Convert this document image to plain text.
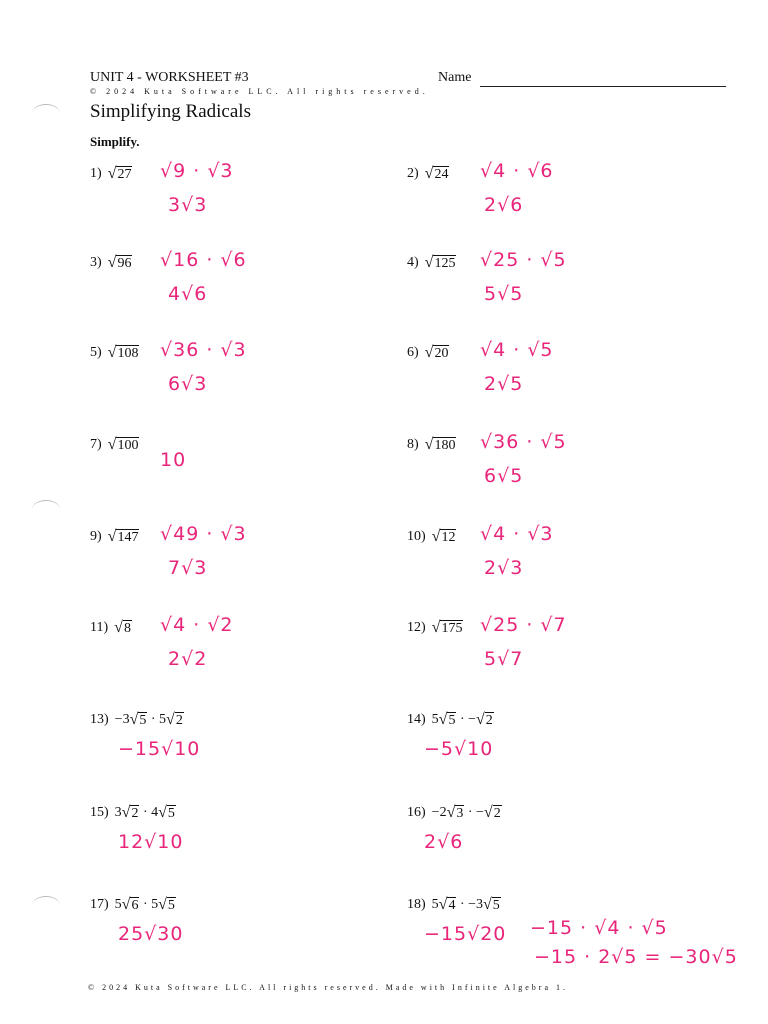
UNIT 4 - WORKSHEET #3
© 2024 Kuta Software LLC. All rights reserved.
Name
Simplifying Radicals
Simplify.
1) √ 27 √9 · √3
3√3
2) √ 24 √4 · √6
2√6
3) √ 96 √16 · √6
4√6
4) √ 125 √25 · √5
5√5
5) √ 108 √36 · √3
6√3
6) √ 20 √4 · √5
2√5
7) √ 100
10
8) √ 180 √36 · √5
6√5
9) √ 147 √49 · √3
7√3
10) √ 12 √4 · √3
2√3
11) √ 8 √4 · √2
2√2
12) √ 175 √25 · √7
5√7
13) −3 √ 5 · 5 √ 2
−15√10
14) 5 √ 5 · − √ 2
−5√10
15) 3 √ 2 · 4 √ 5
12√10
16) −2 √ 3 · − √ 2
2√6
17) 5 √ 6 · 5 √ 5
25√30
18) 5 √ 4 · −3 √ 5
−15√20 −15 · √4 · √5
−15 · 2√5 = −30√5
© 2024 Kuta Software LLC. All rights reserved. Made with Infinite Algebra 1.
